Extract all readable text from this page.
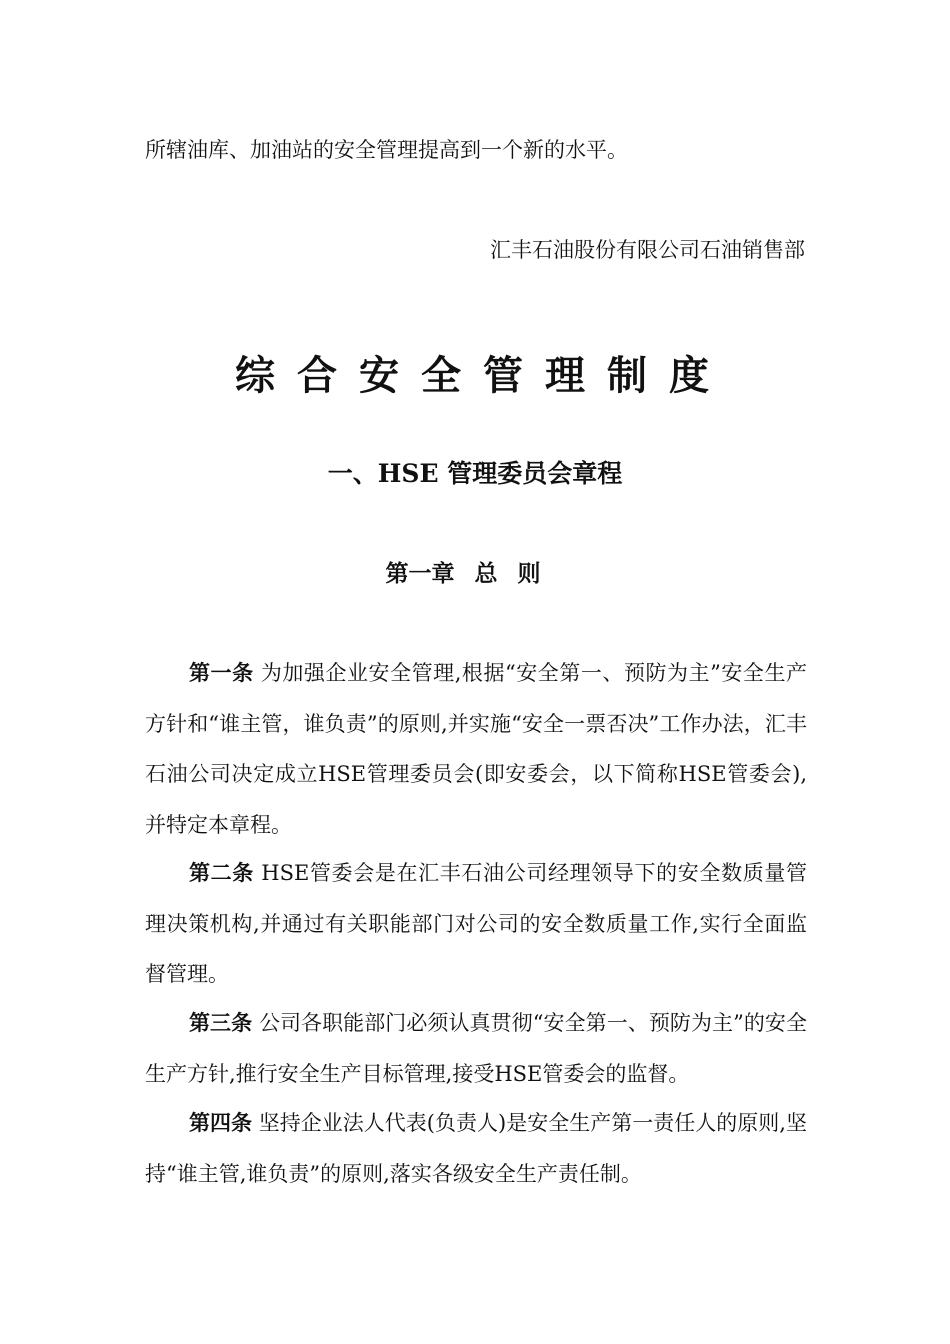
所辖油库、加油站的安全管理提高到一个新的水平。
汇丰石油股份有限公司石油销售部
综合安全管理制度
一、HSE 管理委员会章程
第一章 总 则
第一条 为加强企业安全管理,根据“安全第一、预防为主”安全生产方针和“谁主管，谁负责”的原则,并实施“安全一票否决”工作办法，汇丰石油公司决定成立HSE管理委员会(即安委会，以下简称HSE管委会),并特定本章程。
第二条 HSE管委会是在汇丰石油公司经理领导下的安全数质量管理决策机构,并通过有关职能部门对公司的安全数质量工作,实行全面监督管理。
第三条 公司各职能部门必须认真贯彻“安全第一、预防为主”的安全生产方针,推行安全生产目标管理,接受HSE管委会的监督。
第四条 坚持企业法人代表(负责人)是安全生产第一责任人的原则,坚持“谁主管,谁负责”的原则,落实各级安全生产责任制。
